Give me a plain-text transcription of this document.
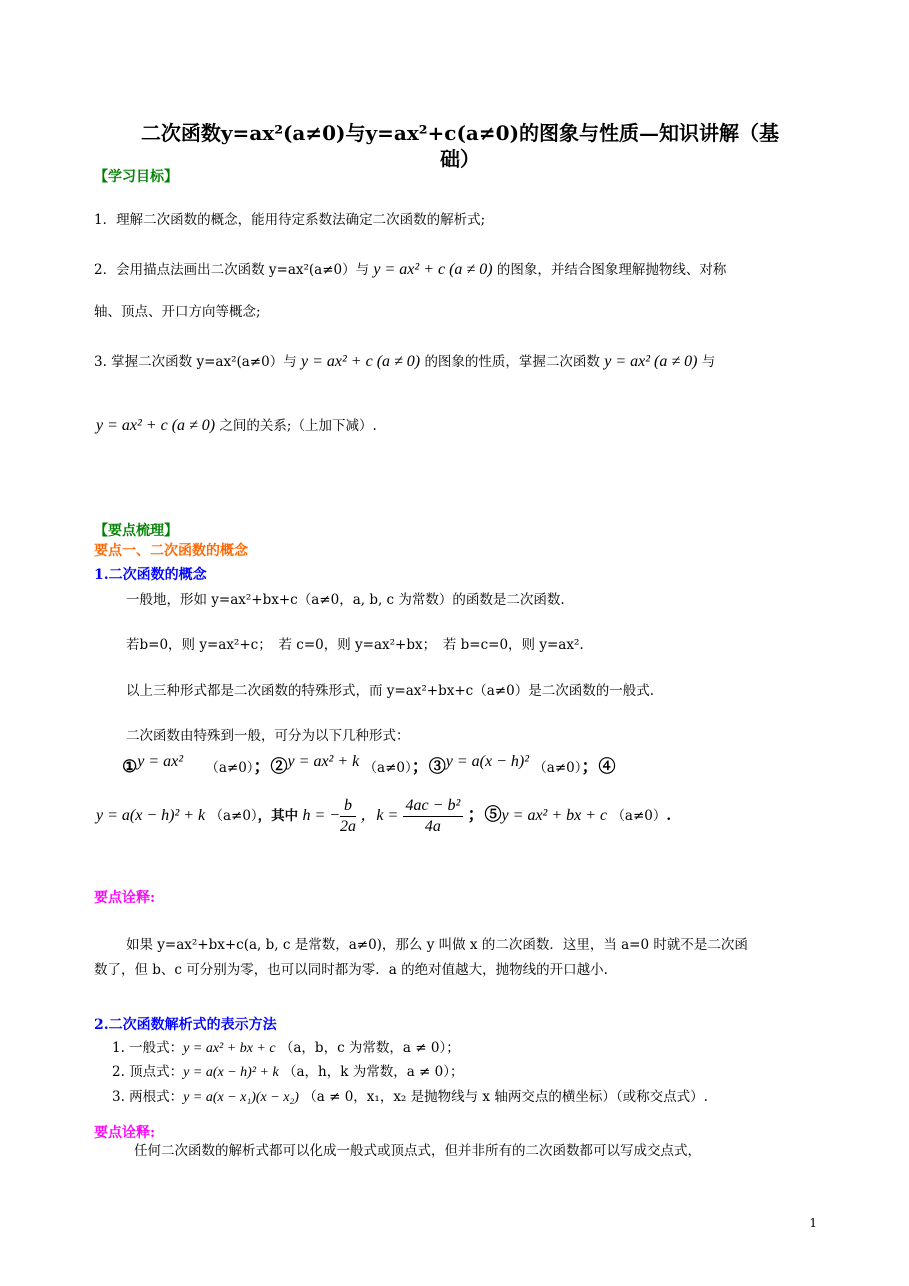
二次函数y=ax²(a≠0)与y=ax²+c(a≠0)的图象与性质—知识讲解（基
础）
【学习目标】
1．理解二次函数的概念，能用待定系数法确定二次函数的解析式;
2．会用描点法画出二次函数 y=ax²(a≠0）与 y = ax² + c (a ≠ 0) 的图象，并结合图象理解抛物线、对称
轴、顶点、开口方向等概念;
3. 掌握二次函数 y=ax²(a≠0）与 y = ax² + c (a ≠ 0) 的图象的性质，掌握二次函数 y = ax² (a ≠ 0) 与
y = ax² + c (a ≠ 0) 之间的关系;（上加下减）.
【要点梳理】
要点一、二次函数的概念
1.二次函数的概念
一般地，形如 y=ax²+bx+c（a≠0，a, b, c 为常数）的函数是二次函数.
若b=0，则 y=ax²+c；　若 c=0，则 y=ax²+bx；　若 b=c=0，则 y=ax².
以上三种形式都是二次函数的特殊形式，而 y=ax²+bx+c（a≠0）是二次函数的一般式.
二次函数由特殊到一般，可分为以下几种形式：
①y = ax² （a≠0）；②y = ax² + k （a≠0）；③y = a(x − h)² （a≠0）；④
y = a(x − h)² + k （a≠0），其中 h = − $\frac{b}{2a}$ ，$k = \frac{\text{4ac − b²}}{4a}$ ；⑤y = ax² + bx + c （a≠0）.
要点诠释:
如果 y=ax²+bx+c(a, b, c 是常数，a≠0)，那么 y 叫做 x 的二次函数．这里，当 a=0 时就不是二次函
数了，但 b、c 可分别为零，也可以同时都为零．a 的绝对值越大，抛物线的开口越小.
2.二次函数解析式的表示方法
1. 一般式：y = ax² + bx + c （a，b，c 为常数，a ≠ 0）；
2. 顶点式：y = a(x − h)² + k （a，h，k 为常数，a ≠ 0）；
3. 两根式：y = a(x − x₁)(x − x₂) （a ≠ 0，x₁，x₂ 是抛物线与 x 轴两交点的横坐标）（或称交点式）.
要点诠释:
任何二次函数的解析式都可以化成一般式或顶点式，但并非所有的二次函数都可以写成交点式，
1
